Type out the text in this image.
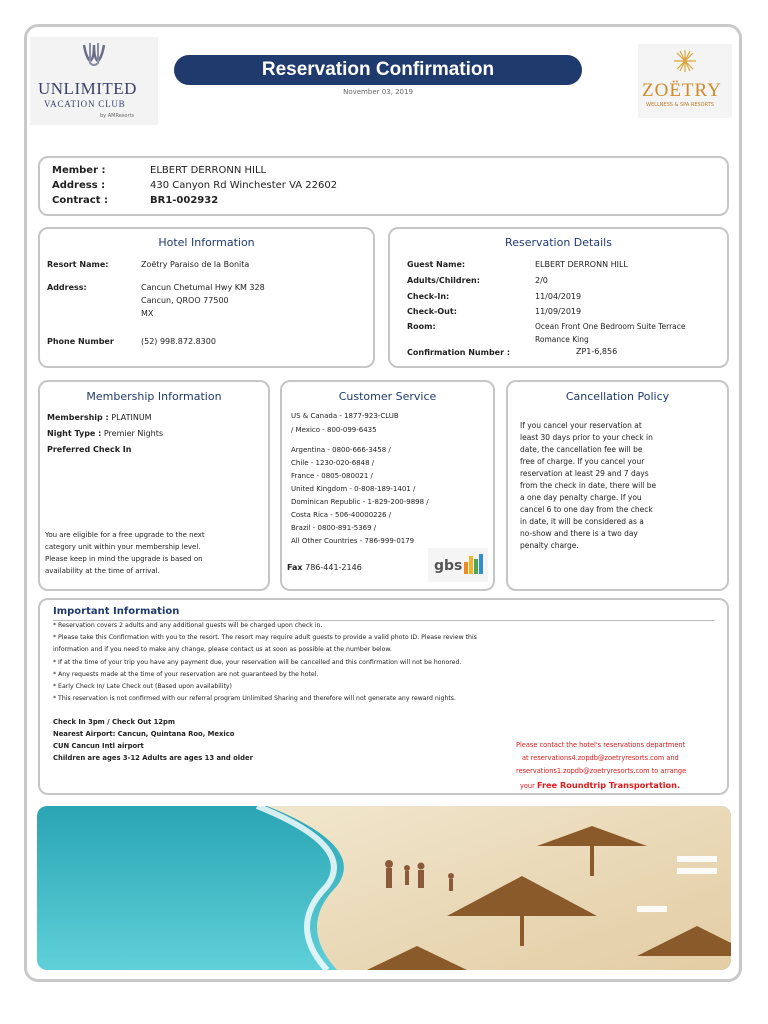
UNLIMITED
VACATION CLUB
by AMResorts
Reservation Confirmation
November 03, 2019	ZOËTRY
WELLNESS & SPA RESORTS
Member :	ELBERT DERRONN HILL
Address :	430 Canyon Rd Winchester VA 22602
Contract :	BR1-002932
Hotel Information
Resort Name:	Zoëtry Paraiso de la Bonita
Address:	Cancun Chetumal Hwy KM 328
Cancun, QROO 77500
MX
Phone Number	(52) 998.872.8300
Reservation Details
Guest Name:	ELBERT DERRONN HILL
Adults/Children:	2/0
Check-In:	11/04/2019
Check-Out:	11/09/2019
Room:	Ocean Front One Bedroom Suite Terrace
Romance King
Confirmation Number :	ZP1-6,856
Membership Information
Membership : PLATINUM
Night Type : Premier Nights
Preferred Check In
You are eligible for a free upgrade to the next
category unit within your membership level.
Please keep in mind the upgrade is based on
availability at the time of arrival.
Customer Service
US & Canada - 1877-923-CLUB
/ Mexico - 800-099-6435
Argentina - 0800-666-3458 /
Chile - 1230-020-6848 /
France - 0805-080021 /
United Kingdom - 0-808-189-1401 /
Dominican Republic - 1-829-200-9898 /
Costa Rica - 506-40000226 /
Brazil - 0800-891-5369 /
All Other Countries - 786-999-0179
Fax 786-441-2146	gbs
Cancellation Policy
If you cancel your reservation at
least 30 days prior to your check in
date, the cancellation fee will be
free of charge. If you cancel your
reservation at least 29 and 7 days
from the check in date, there will be
a one day penalty charge. If you
cancel 6 to one day from the check
in date, it will be considered as a
no-show and there is a two day
penalty charge.
Important Information
* Reservation covers 2 adults and any additional guests will be charged upon check in.
* Please take this Confirmation with you to the resort. The resort may require adult guests to provide a valid photo ID. Please review this
information and if you need to make any change, please contact us at soon as possible at the number below.
* If at the time of your trip you have any payment due, your reservation will be cancelled and this confirmation will not be honored.
* Any requests made at the time of your reservation are not guaranteed by the hotel.
* Early Check In/ Late Check out (Based upon availability)
* This reservation is not confirmed with our referral program Unlimited Sharing and therefore will not generate any reward nights.
Check In 3pm / Check Out 12pm
Nearest Airport: Cancun, Quintana Roo, Mexico
CUN Cancun Intl airport
Children are ages 3-12 Adults are ages 13 and older
Please contact the hotel's reservations department
at reservations4.zopdb@zoetryresorts.com and
reservations1.zopdb@zoetryresorts.com to arrange
your Free Roundtrip Transportation.
